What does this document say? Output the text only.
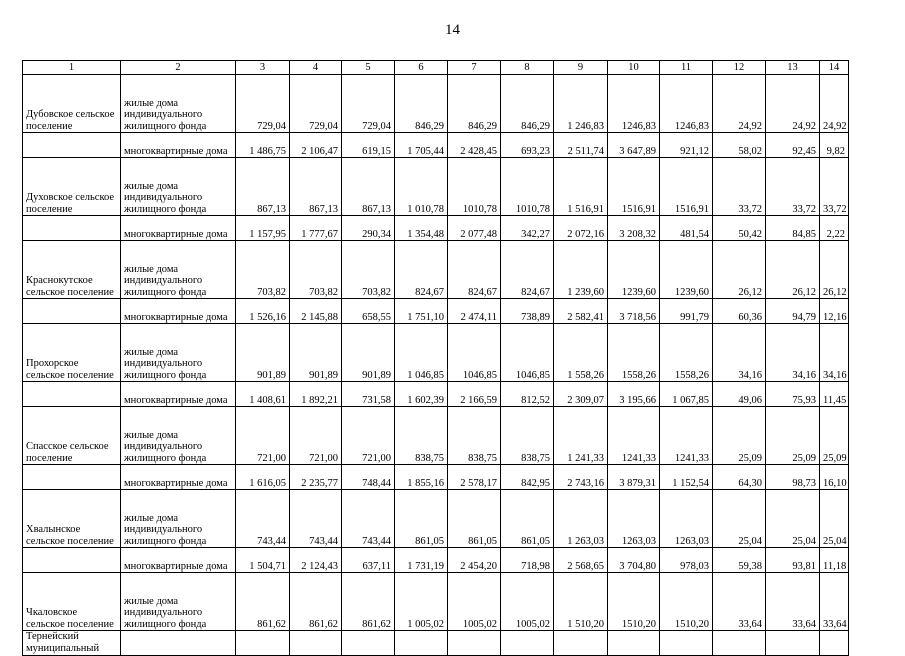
14
1	2	3	4	5	6	7	8	9	10	11	12	13	14
Дубовское сельское поселение	жилые дома индивидуального жилищного фонда	729,04	729,04	729,04	846,29	846,29	846,29	1 246,83	1246,83	1246,83	24,92	24,92	24,92
	многоквартирные дома	1 486,75	2 106,47	619,15	1 705,44	2 428,45	693,23	2 511,74	3 647,89	921,12	58,02	92,45	9,82
Духовское сельское поселение	жилые дома индивидуального жилищного фонда	867,13	867,13	867,13	1 010,78	1010,78	1010,78	1 516,91	1516,91	1516,91	33,72	33,72	33,72
	многоквартирные дома	1 157,95	1 777,67	290,34	1 354,48	2 077,48	342,27	2 072,16	3 208,32	481,54	50,42	84,85	2,22
Краснокутское сельское поселение	жилые дома индивидуального жилищного фонда	703,82	703,82	703,82	824,67	824,67	824,67	1 239,60	1239,60	1239,60	26,12	26,12	26,12
	многоквартирные дома	1 526,16	2 145,88	658,55	1 751,10	2 474,11	738,89	2 582,41	3 718,56	991,79	60,36	94,79	12,16
Прохорское сельское поселение	жилые дома индивидуального жилищного фонда	901,89	901,89	901,89	1 046,85	1046,85	1046,85	1 558,26	1558,26	1558,26	34,16	34,16	34,16
	многоквартирные дома	1 408,61	1 892,21	731,58	1 602,39	2 166,59	812,52	2 309,07	3 195,66	1 067,85	49,06	75,93	11,45
Спасское сельское поселение	жилые дома индивидуального жилищного фонда	721,00	721,00	721,00	838,75	838,75	838,75	1 241,33	1241,33	1241,33	25,09	25,09	25,09
	многоквартирные дома	1 616,05	2 235,77	748,44	1 855,16	2 578,17	842,95	2 743,16	3 879,31	1 152,54	64,30	98,73	16,10
Хвалынское сельское поселение	жилые дома индивидуального жилищного фонда	743,44	743,44	743,44	861,05	861,05	861,05	1 263,03	1263,03	1263,03	25,04	25,04	25,04
	многоквартирные дома	1 504,71	2 124,43	637,11	1 731,19	2 454,20	718,98	2 568,65	3 704,80	978,03	59,38	93,81	11,18
Чкаловское сельское поселение	жилые дома индивидуального жилищного фонда	861,62	861,62	861,62	1 005,02	1005,02	1005,02	1 510,20	1510,20	1510,20	33,64	33,64	33,64
Тернейский муниципальный													
